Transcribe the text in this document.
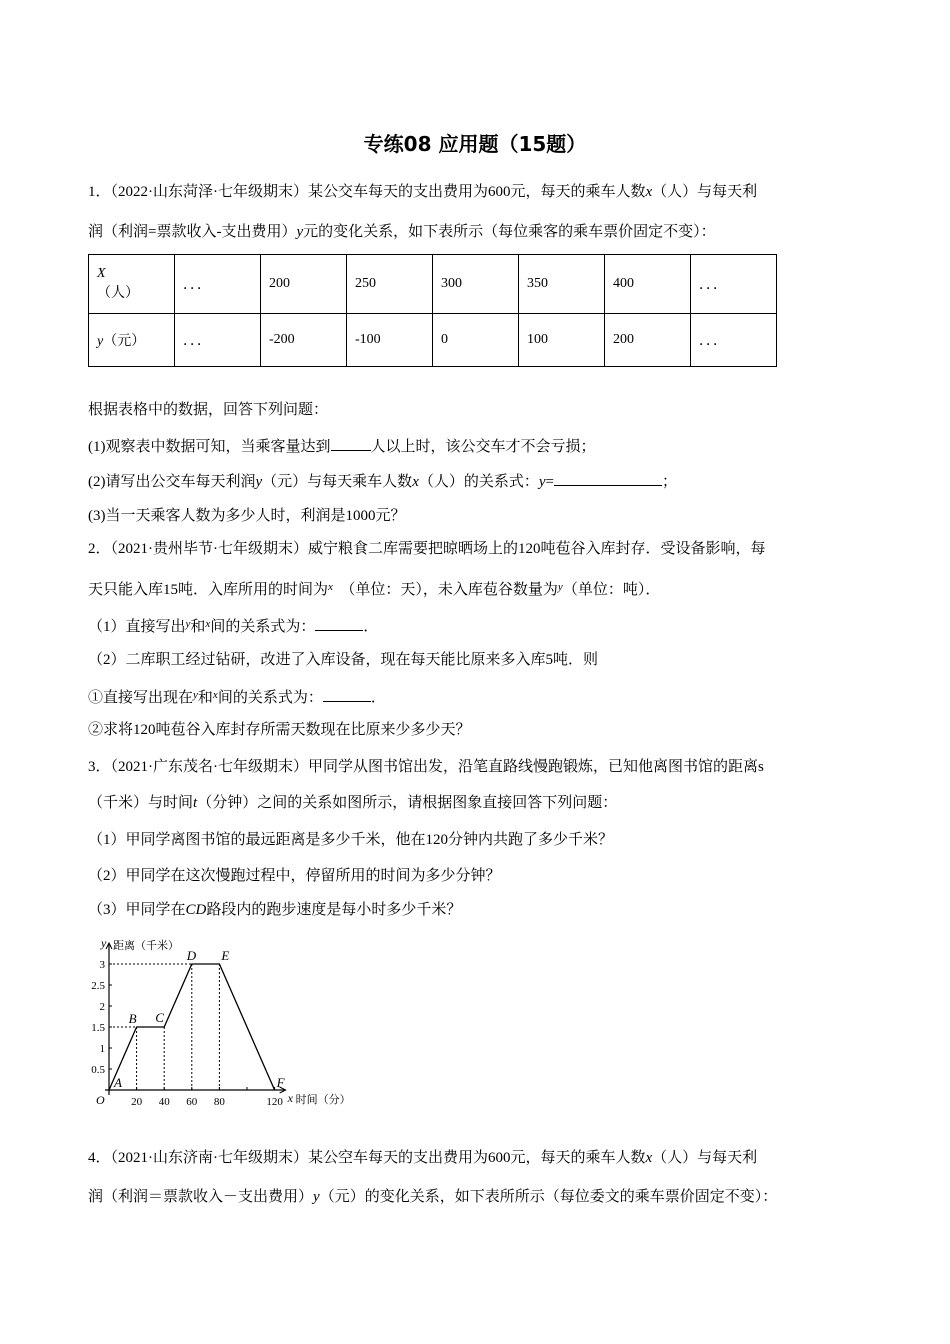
专练08 应用题（15题）
1．（2022·山东菏泽·七年级期末）某公交车每天的支出费用为600元，每天的乘车人数x（人）与每天利
润（利润=票款收入-支出费用）y元的变化关系，如下表所示（每位乘客的乘车票价固定不变）：
X
（人）	．．．	200	250	300	350	400	．．．
y（元）	．．．	-200	-100	0	100	200	．．．
根据表格中的数据，回答下列问题：
(1)观察表中数据可知，当乘客量达到	人以上时，该公交车才不会亏损；
(2)请写出公交车每天利润y（元）与每天乘车人数x（人）的关系式：y=	；
(3)当一天乘客人数为多少人时，利润是1000元？
2．（2021·贵州毕节·七年级期末）威宁粮食二库需要把晾晒场上的120吨苞谷入库封存．受设备影响，每
天只能入库15吨．入库所用的时间为$^x$ （单位：天），未入库苞谷数量为$^y$（单位：吨）．
（1）直接写出$^y$和$^x$间的关系式为：	．
（2）二库职工经过钻研，改进了入库设备，现在每天能比原来多入库5吨．则
①直接写出现在$^y$和$^x$间的关系式为：	．
②求将120吨苞谷入库封存所需天数现在比原来少多少天？
3．（2021·广东茂名·七年级期末）甲同学从图书馆出发，沿笔直路线慢跑锻炼，已知他离图书馆的距离s
（千米）与时间t（分钟）之间的关系如图所示，请根据图象直接回答下列问题：
（1）甲同学离图书馆的最远距离是多少千米，他在120分钟内共跑了多少千米？
（2）甲同学在这次慢跑过程中，停留所用的时间为多少分钟？
（3）甲同学在CD路段内的跑步速度是每小时多少千米？
y 距离（千米）
x 时间（分）
O 20 40 60 80	120
0.5
1
1.5
2
2.5
3
A
B C
D E
F
4．（2021·山东济南·七年级期末）某公空车每天的支出费用为600元，每天的乘车人数x（人）与每天利
润（利润＝票款收入－支出费用）y（元）的变化关系，如下表所所示（每位委文的乘车票价固定不变）：
